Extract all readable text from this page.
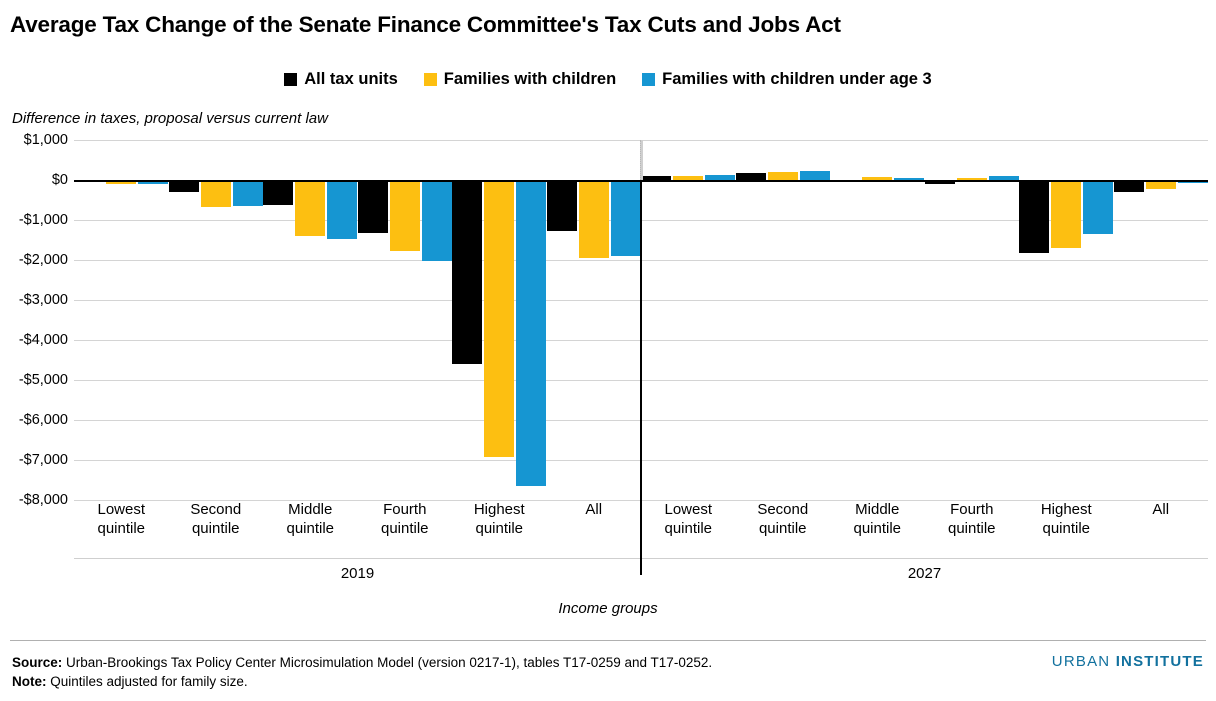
Average Tax Change of the Senate Finance Committee's Tax Cuts and Jobs Act
All tax units	Families with children	Families with children under age 3
Difference in taxes, proposal versus current law
$1,000
$0
-$1,000
-$2,000
-$3,000
-$4,000
-$5,000
-$6,000
-$7,000
-$8,000
Lowest
quintile
Second
quintile
Middle
quintile
Fourth
quintile
Highest
quintile
All	Lowest
quintile
Second
quintile
Middle
quintile
Fourth
quintile
Highest
quintile
All
2019	2027
Income groups
Source: Urban-Brookings Tax Policy Center Microsimulation Model (version 0217-1), tables T17-0259 and T17-0252.
Note: Quintiles adjusted for family size.
URBAN INSTITUTE
